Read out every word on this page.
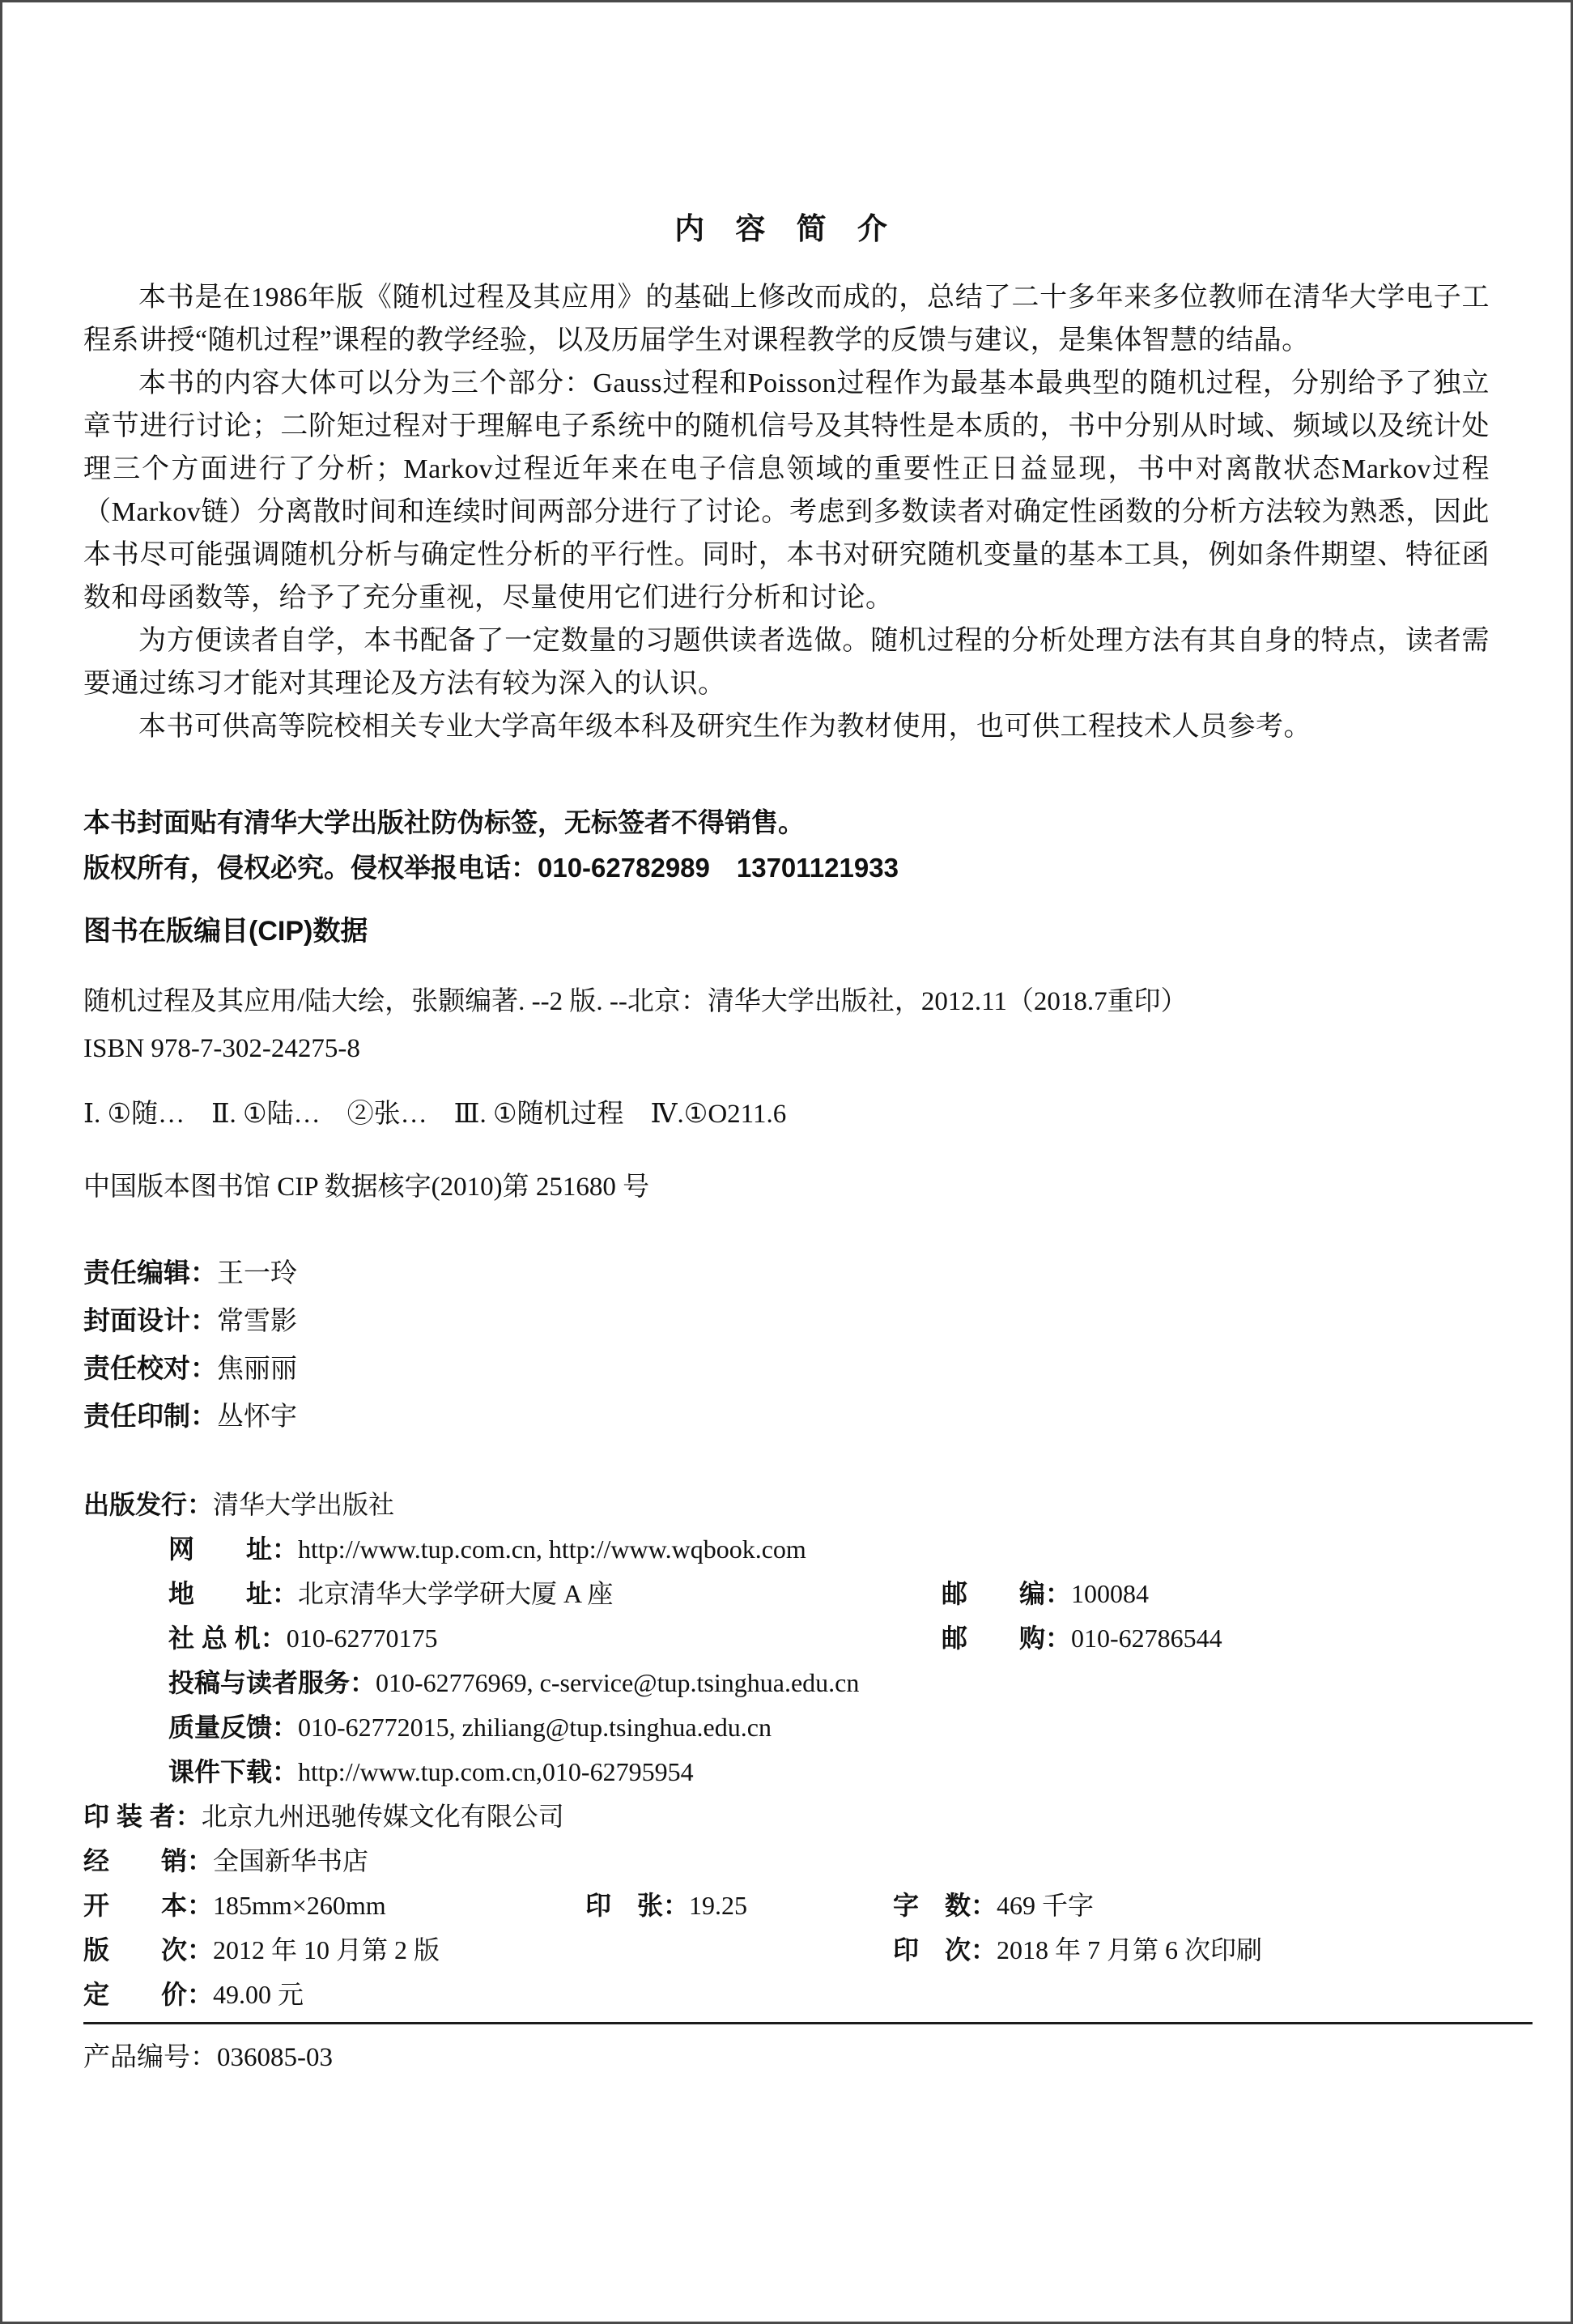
内 容 简 介

本书是在1986年版《随机过程及其应用》的基础上修改而成的，总结了二十多年来多位教师在清华大学电子工程系讲授“随机过程”课程的教学经验，以及历届学生对课程教学的反馈与建议，是集体智慧的结晶。

本书的内容大体可以分为三个部分：Gauss过程和Poisson过程作为最基本最典型的随机过程，分别给予了独立章节进行讨论；二阶矩过程对于理解电子系统中的随机信号及其特性是本质的，书中分别从时域、频域以及统计处理三个方面进行了分析；Markov过程近年来在电子信息领域的重要性正日益显现，书中对离散状态Markov过程（Markov链）分离散时间和连续时间两部分进行了讨论。考虑到多数读者对确定性函数的分析方法较为熟悉，因此本书尽可能强调随机分析与确定性分析的平行性。同时，本书对研究随机变量的基本工具，例如条件期望、特征函数和母函数等，给予了充分重视，尽量使用它们进行分析和讨论。

为方便读者自学，本书配备了一定数量的习题供读者选做。随机过程的分析处理方法有其自身的特点，读者需要通过练习才能对其理论及方法有较为深入的认识。

本书可供高等院校相关专业大学高年级本科及研究生作为教材使用，也可供工程技术人员参考。

本书封面贴有清华大学出版社防伪标签，无标签者不得销售。
版权所有，侵权必究。侵权举报电话：010-62782989　13701121933
图书在版编目(CIP)数据
随机过程及其应用/陆大绘，张颢编著. --2 版. --北京：清华大学出版社，2012.11（2018.7重印）
ISBN 978-7-302-24275-8
Ⅰ. ①随…　Ⅱ. ①陆…　②张…　Ⅲ. ①随机过程　Ⅳ.①O211.6
中国版本图书馆 CIP 数据核字(2010)第 251680 号
责任编辑：王一玲
封面设计：常雪影
责任校对：焦丽丽
责任印制：丛怀宇
出版发行：清华大学出版社
网　　址：http://www.tup.com.cn, http://www.wqbook.com
地　　址：北京清华大学学研大厦 A 座	邮　　编：100084
社 总 机：010-62770175	邮　　购：010-62786544
投稿与读者服务：010-62776969, c-service@tup.tsinghua.edu.cn
质量反馈：010-62772015, zhiliang@tup.tsinghua.edu.cn
课件下载：http://www.tup.com.cn,010-62795954
印 装 者：北京九州迅驰传媒文化有限公司
经　　销：全国新华书店
开　　本：185mm×260mm	印　张：19.25	字　数：469 千字
版　　次：2012 年 10 月第 2 版	印　次：2018 年 7 月第 6 次印刷
定　　价：49.00 元
产品编号：036085-03
